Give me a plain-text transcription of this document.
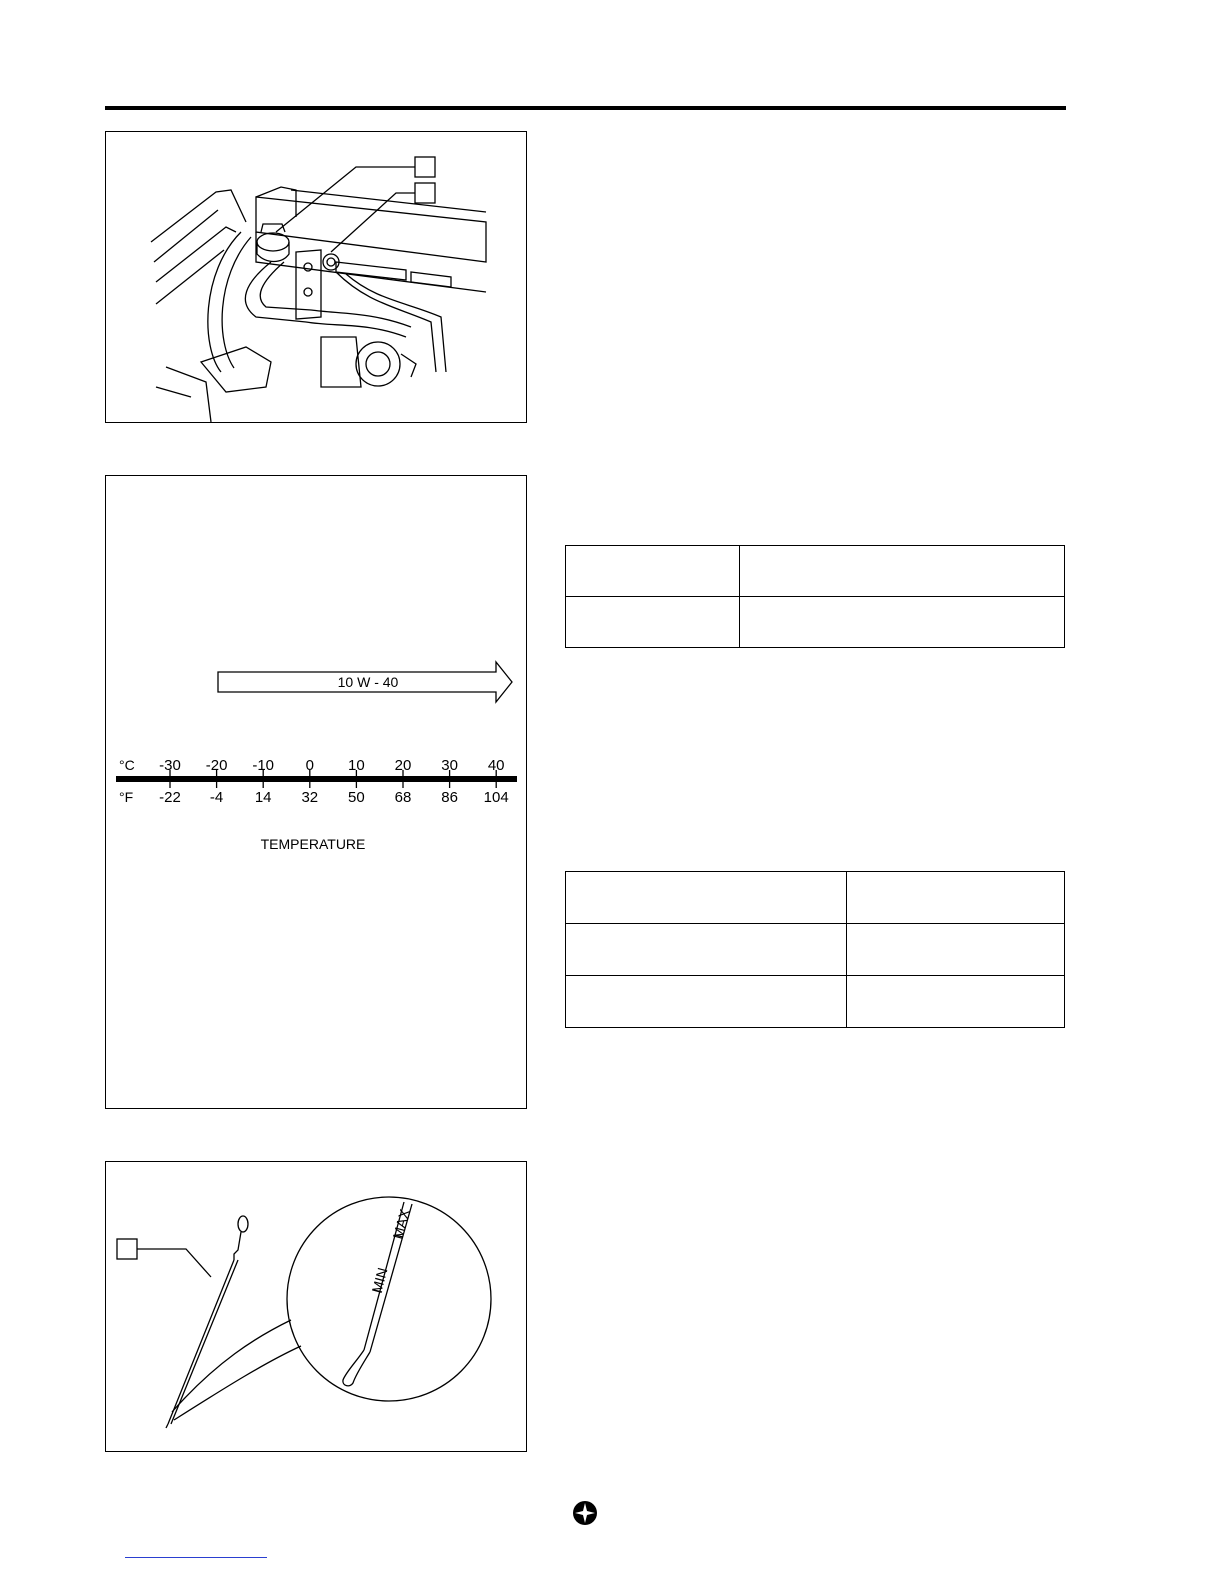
10 W - 40
°C
°F
-30
-22
-20
-4
-10
14
0
32
10
50
20
68
30
86
40
104
TEMPERATURE
MAX
MIN
